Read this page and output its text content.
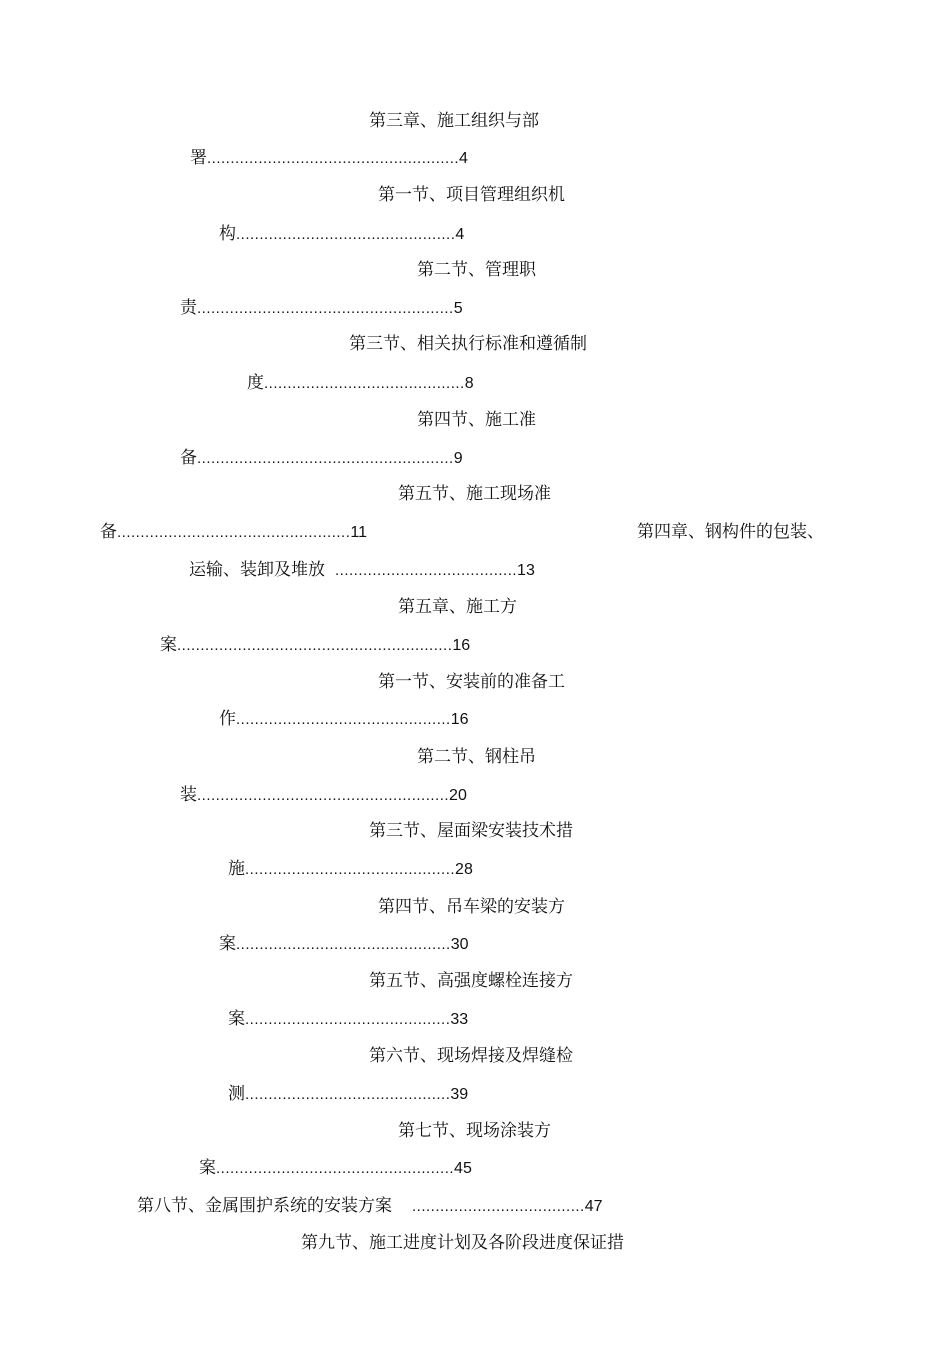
第三章、施工组织与部
署......................................................4
第一节、项目管理组织机
构...............................................4
第二节、管理职
责.......................................................5
第三节、相关执行标准和遵循制
度...........................................8
第四节、施工准
备.......................................................9
第五节、施工现场准
备..................................................11	第四章、钢构件的包装、
运输、装卸及堆放 .......................................13
第五章、施工方
案...........................................................16
第一节、安装前的准备工
作..............................................16
第二节、钢柱吊
装......................................................20
第三节、屋面梁安装技术措
施.............................................28
第四节、吊车梁的安装方
案..............................................30
第五节、高强度螺栓连接方
案............................................33
第六节、现场焊接及焊缝检
测............................................39
第七节、现场涂装方
案...................................................45
第八节、金属围护系统的安装方案 .....................................47
第九节、施工进度计划及各阶段进度保证措
